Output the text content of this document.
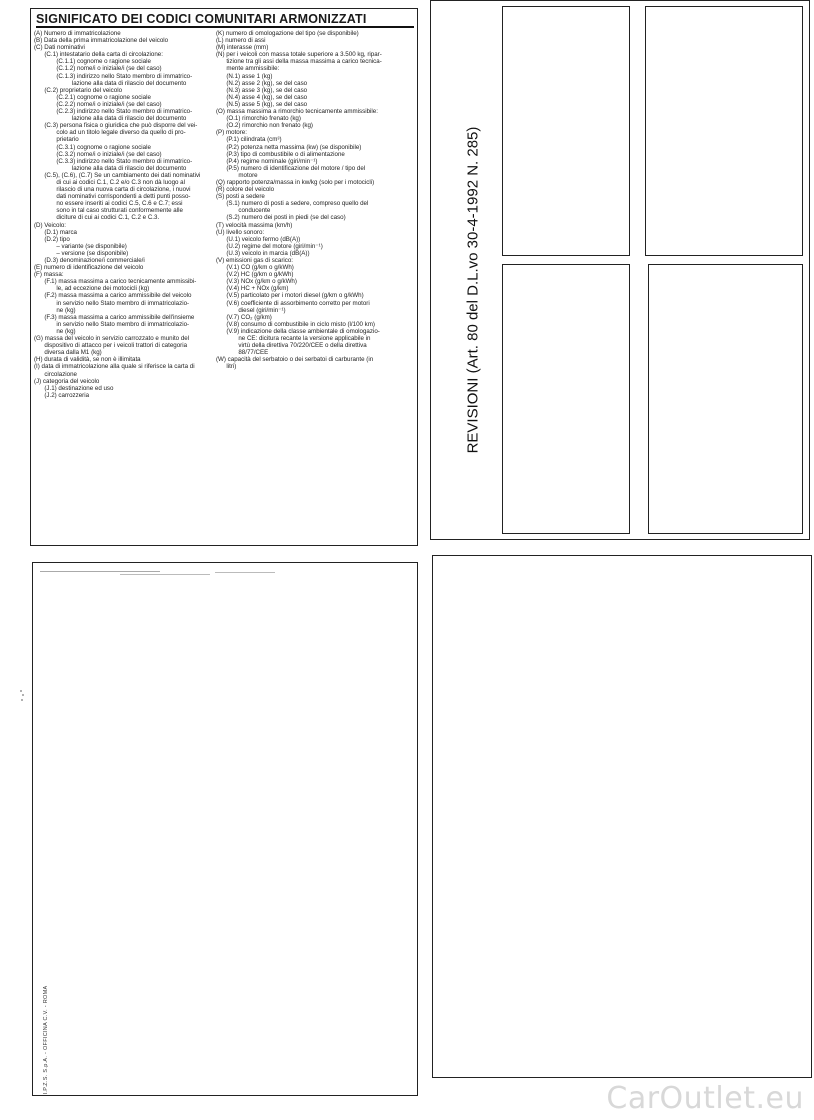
SIGNIFICATO DEI CODICI COMUNITARI ARMONIZZATI
(A) Numero di immatricolazione
(B) Data della prima immatricolazione del veicolo
(C) Dati nominativi
(C.1) intestatario della carta di circolazione:
(C.1.1) cognome o ragione sociale
(C.1.2) nome/i o iniziale/i (se del caso)
(C.1.3) indirizzo nello Stato membro di immatrico-
lazione alla data di rilascio del documento
(C.2) proprietario del veicolo
(C.2.1) cognome o ragione sociale
(C.2.2) nome/i o iniziale/i (se del caso)
(C.2.3) indirizzo nello Stato membro di immatrico-
lazione alla data di rilascio del documento
(C.3) persona fisica o giuridica che può disporre del vei-
colo ad un titolo legale diverso da quello di pro-
prietario
(C.3.1) cognome o ragione sociale
(C.3.2) nome/i o iniziale/i (se del caso)
(C.3.3) indirizzo nello Stato membro di immatrico-
lazione alla data di rilascio del documento
(C.5), (C.6), (C.7) Se un cambiamento dei dati nominativi
di cui ai codici C.1, C.2 e/o C.3 non dà luogo al
rilascio di una nuova carta di circolazione, i nuovi
dati nominativi corrispondenti a detti punti posso-
no essere inseriti ai codici C.5, C.6 e C.7; essi
sono in tal caso strutturati conformemente alle
diciture di cui ai codici C.1, C.2 e C.3.
(D) Veicolo:
(D.1) marca
(D.2) tipo
– variante (se disponibile)
– versione (se disponibile)
(D.3) denominazione/i commerciale/i
(E) numero di identificazione del veicolo
(F) massa:
(F.1) massa massima a carico tecnicamente ammissibi-
le, ad eccezione dei motocicli (kg)
(F.2) massa massima a carico ammissibile del veicolo
in servizio nello Stato membro di immatricolazio-
ne (kg)
(F.3) massa massima a carico ammissibile dell'insieme
in servizio nello Stato membro di immatricolazio-
ne (kg)
(G) massa del veicolo in servizio carrozzato e munito del
dispositivo di attacco per i veicoli trattori di categoria
diversa dalla M1 (kg)
(H) durata di validità, se non è illimitata
(I) data di immatricolazione alla quale si riferisce la carta di
circolazione
(J) categoria del veicolo
(J.1) destinazione ed uso
(J.2) carrozzeria
(K) numero di omologazione del tipo (se disponibile)
(L) numero di assi
(M) interasse (mm)
(N) per i veicoli con massa totale superiore a 3.500 kg, ripar-
tizione tra gli assi della massa massima a carico tecnica-
mente ammissibile:
(N.1) asse 1 (kg)
(N.2) asse 2 (kg), se del caso
(N.3) asse 3 (kg), se del caso
(N.4) asse 4 (kg), se del caso
(N.5) asse 5 (kg), se del caso
(O) massa massima a rimorchio tecnicamente ammissibile:
(O.1) rimorchio frenato (kg)
(O.2) rimorchio non frenato (kg)
(P) motore:
(P.1) cilindrata (cm³)
(P.2) potenza netta massima (kw) (se disponibile)
(P.3) tipo di combustibile o di alimentazione
(P.4) regime nominale (giri/min⁻¹)
(P.5) numero di identificazione del motore / tipo del
motore
(Q) rapporto potenza/massa in kw/kg (solo per i motocicli)
(R) colore del veicolo
(S) posti a sedere
(S.1) numero di posti a sedere, compreso quello del
conducente
(S.2) numero dei posti in piedi (se del caso)
(T) velocità massima (km/h)
(U) livello sonoro:
(U.1) veicolo fermo (dB(A))
(U.2) regime del motore (giri/min⁻¹)
(U.3) veicolo in marcia (dB(A))
(V) emissioni gas di scarico:
(V.1) CO (g/km o g/kWh)
(V.2) HC (g/km o g/kWh)
(V.3) NOx (g/km o g/kWh)
(V.4) HC + NOx (g/km)
(V.5) particolato per i motori diesel (g/km o g/kWh)
(V.6) coefficiente di assorbimento corretto per motori
diesel (giri/min⁻¹)
(V.7) CO₂ (g/km)
(V.8) consumo di combustibile in ciclo misto (l/100 km)
(V.9) indicazione della classe ambientale di omologazio-
ne CE: dicitura recante la versione applicabile in
virtù della direttiva 70/220/CEE o della direttiva
88/77/CEE
(W) capacità del serbatoio o dei serbatoi di carburante (in
litri)	REVISIONI (Art. 80 del D.L.vo 30-4-1992 N. 285)
I.P.Z.S. S.p.A. - OFFICINA C.V. - ROMA
CarOutlet.eu
